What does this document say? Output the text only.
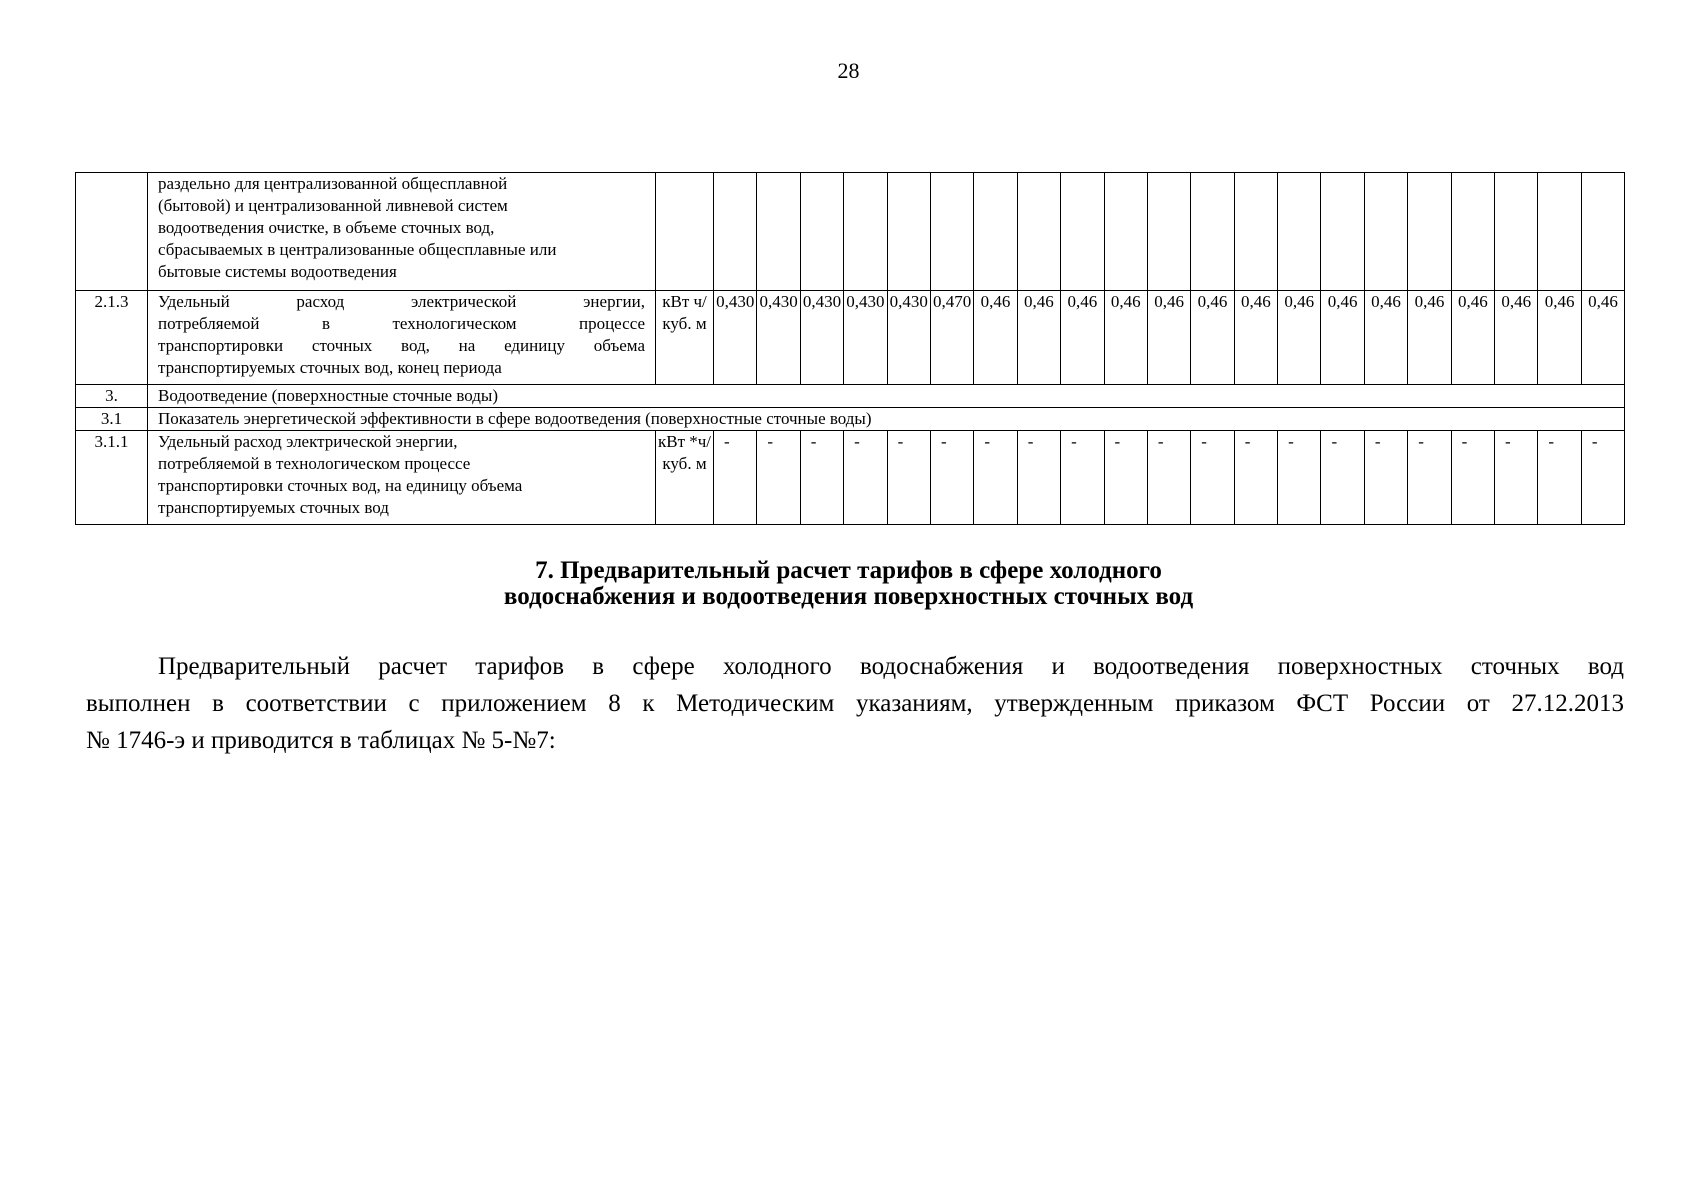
28

	раздельно для централизованной общесплавной
(бытовой) и централизованной ливневой систем
водоотведения очистке, в объеме сточных вод,
сбрасываемых в централизованные общесплавные или
бытовые системы водоотведения																						

2.1.3	Удельный расход электрической энергии,
потребляемой в технологическом процессе
транспортировки сточных вод, на единицу объема
транспортируемых сточных вод, конец периода	кВт ч/ куб. м	0,430	0,430	0,430	0,430	0,430	0,470	0,46	0,46	0,46	0,46	0,46	0,46	0,46	0,46	0,46	0,46	0,46	0,46	0,46	0,46	0,46
3.	Водоотведение (поверхностные сточные воды)																						
3.1	Показатель энергетической эффективности в сфере водоотведения (поверхностные сточные воды)																						
3.1.1	Удельный расход электрической энергии,
потребляемой в технологическом процессе
транспортировки сточных вод, на единицу объема
транспортируемых сточных вод	кВт *ч/ куб. м	-	-	-	-	-	-	-	-	-	-	-	-	-	-	-	-	-	-	-	-	-
7. Предварительный расчет тарифов в сфере холодного
водоснабжения и водоотведения поверхностных сточных вод
Предварительный расчет тарифов в сфере холодного водоснабжения и водоотведения поверхностных сточных вод
выполнен в соответствии с приложением 8 к Методическим указаниям, утвержденным приказом ФСТ России от 27.12.2013
№ 1746-э и приводится в таблицах № 5-№7:
